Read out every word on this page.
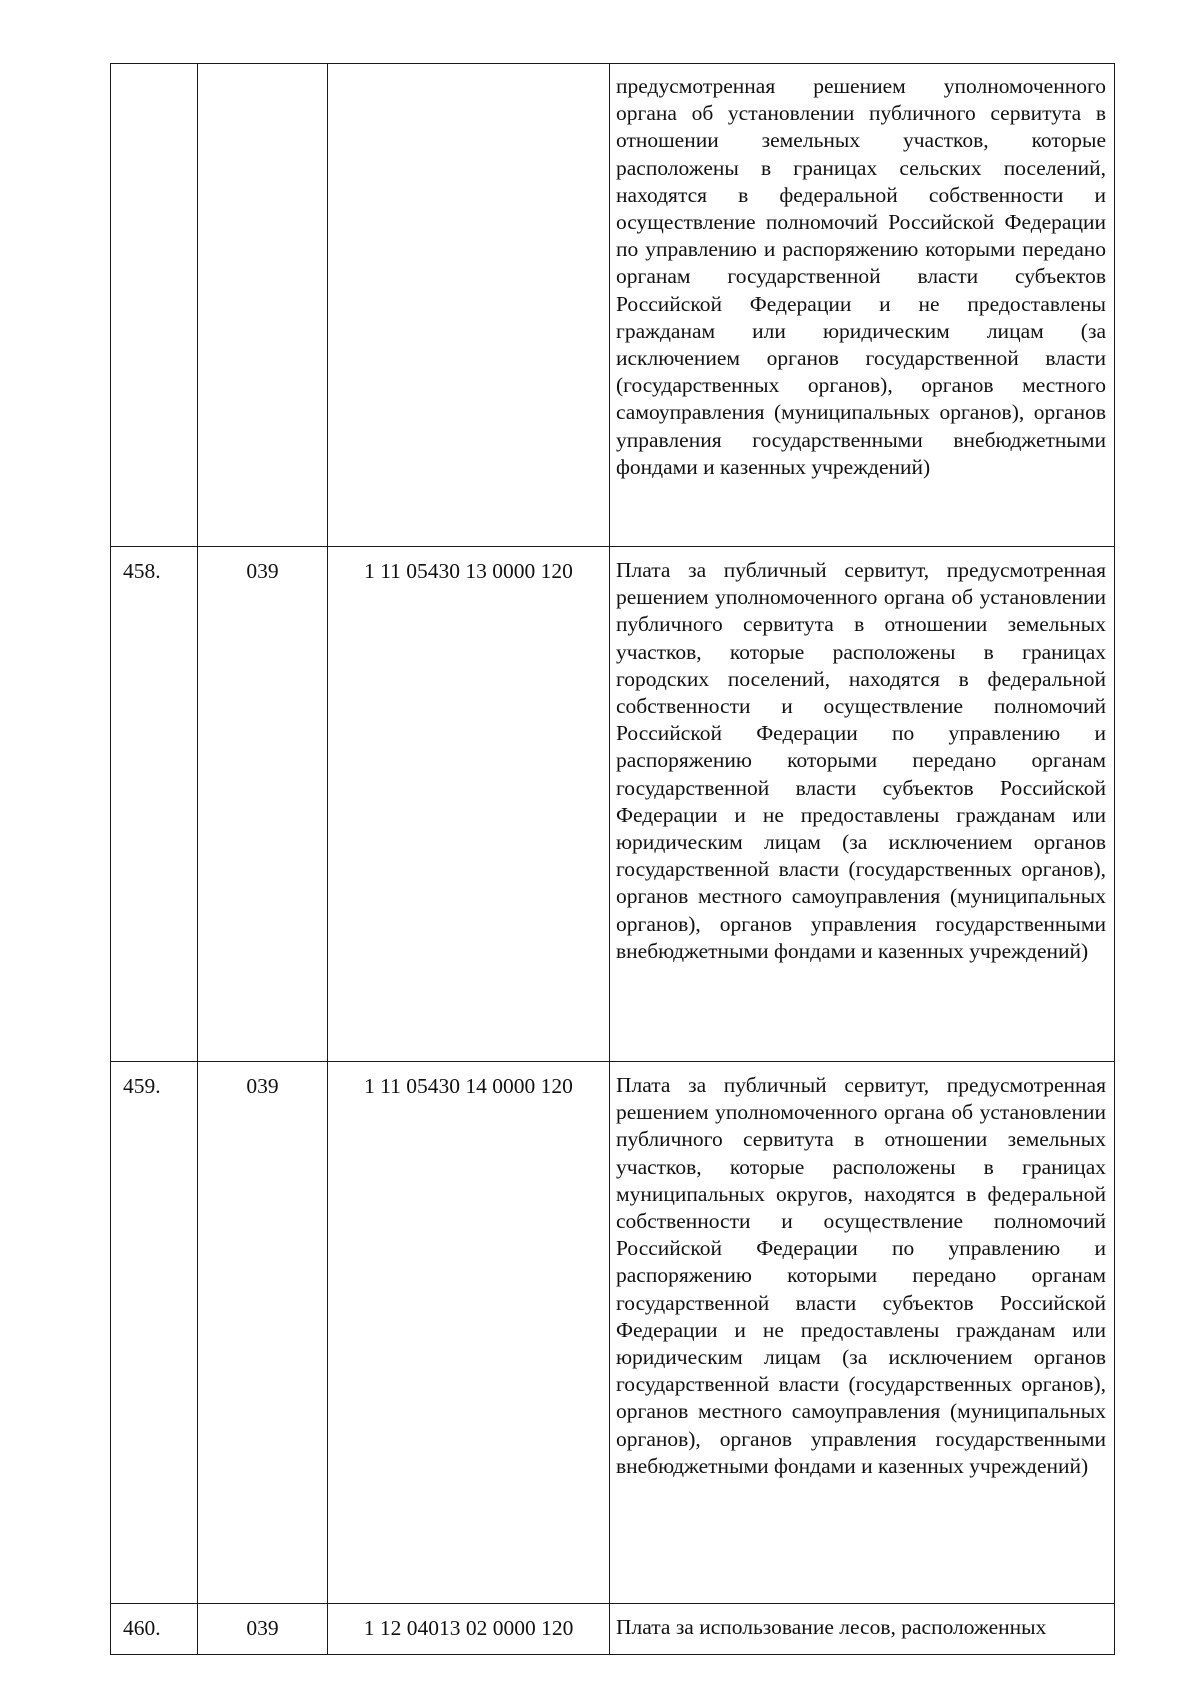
			предусмотренная решением уполномоченного органа об установлении публичного сервитута в отношении земельных участков, которые расположены в границах сельских поселений, находятся в федеральной собственности и осуществление полномочий Российской Федерации по управлению и распоряжению которыми передано органам государственной власти субъектов Российской Федерации и не предоставлены гражданам или юридическим лицам (за исключением органов государственной власти (государственных органов), органов местного самоуправления (муниципальных органов), органов управления государственными внебюджетными фондами и казенных учреждений)

458.	039	1 11 05430 13 0000 120	Плата за публичный сервитут, предусмотренная решением уполномоченного органа об установлении публичного сервитута в отношении земельных участков, которые расположены в границах городских поселений, находятся в федеральной собственности и осуществление полномочий Российской Федерации по управлению и распоряжению которыми передано органам государственной власти субъектов Российской Федерации и не предоставлены гражданам или юридическим лицам (за исключением органов государственной власти (государственных органов), органов местного самоуправления (муниципальных органов), органов управления государственными внебюджетными фондами и казенных учреждений)

459.	039	1 11 05430 14 0000 120	Плата за публичный сервитут, предусмотренная решением уполномоченного органа об установлении публичного сервитута в отношении земельных участков, которые расположены в границах муниципальных округов, находятся в федеральной собственности и осуществление полномочий Российской Федерации по управлению и распоряжению которыми передано органам государственной власти субъектов Российской Федерации и не предоставлены гражданам или юридическим лицам (за исключением органов государственной власти (государственных органов), органов местного самоуправления (муниципальных органов), органов управления государственными внебюджетными фондами и казенных учреждений)

460.	039	1 12 04013 02 0000 120	Плата за использование лесов, расположенных
